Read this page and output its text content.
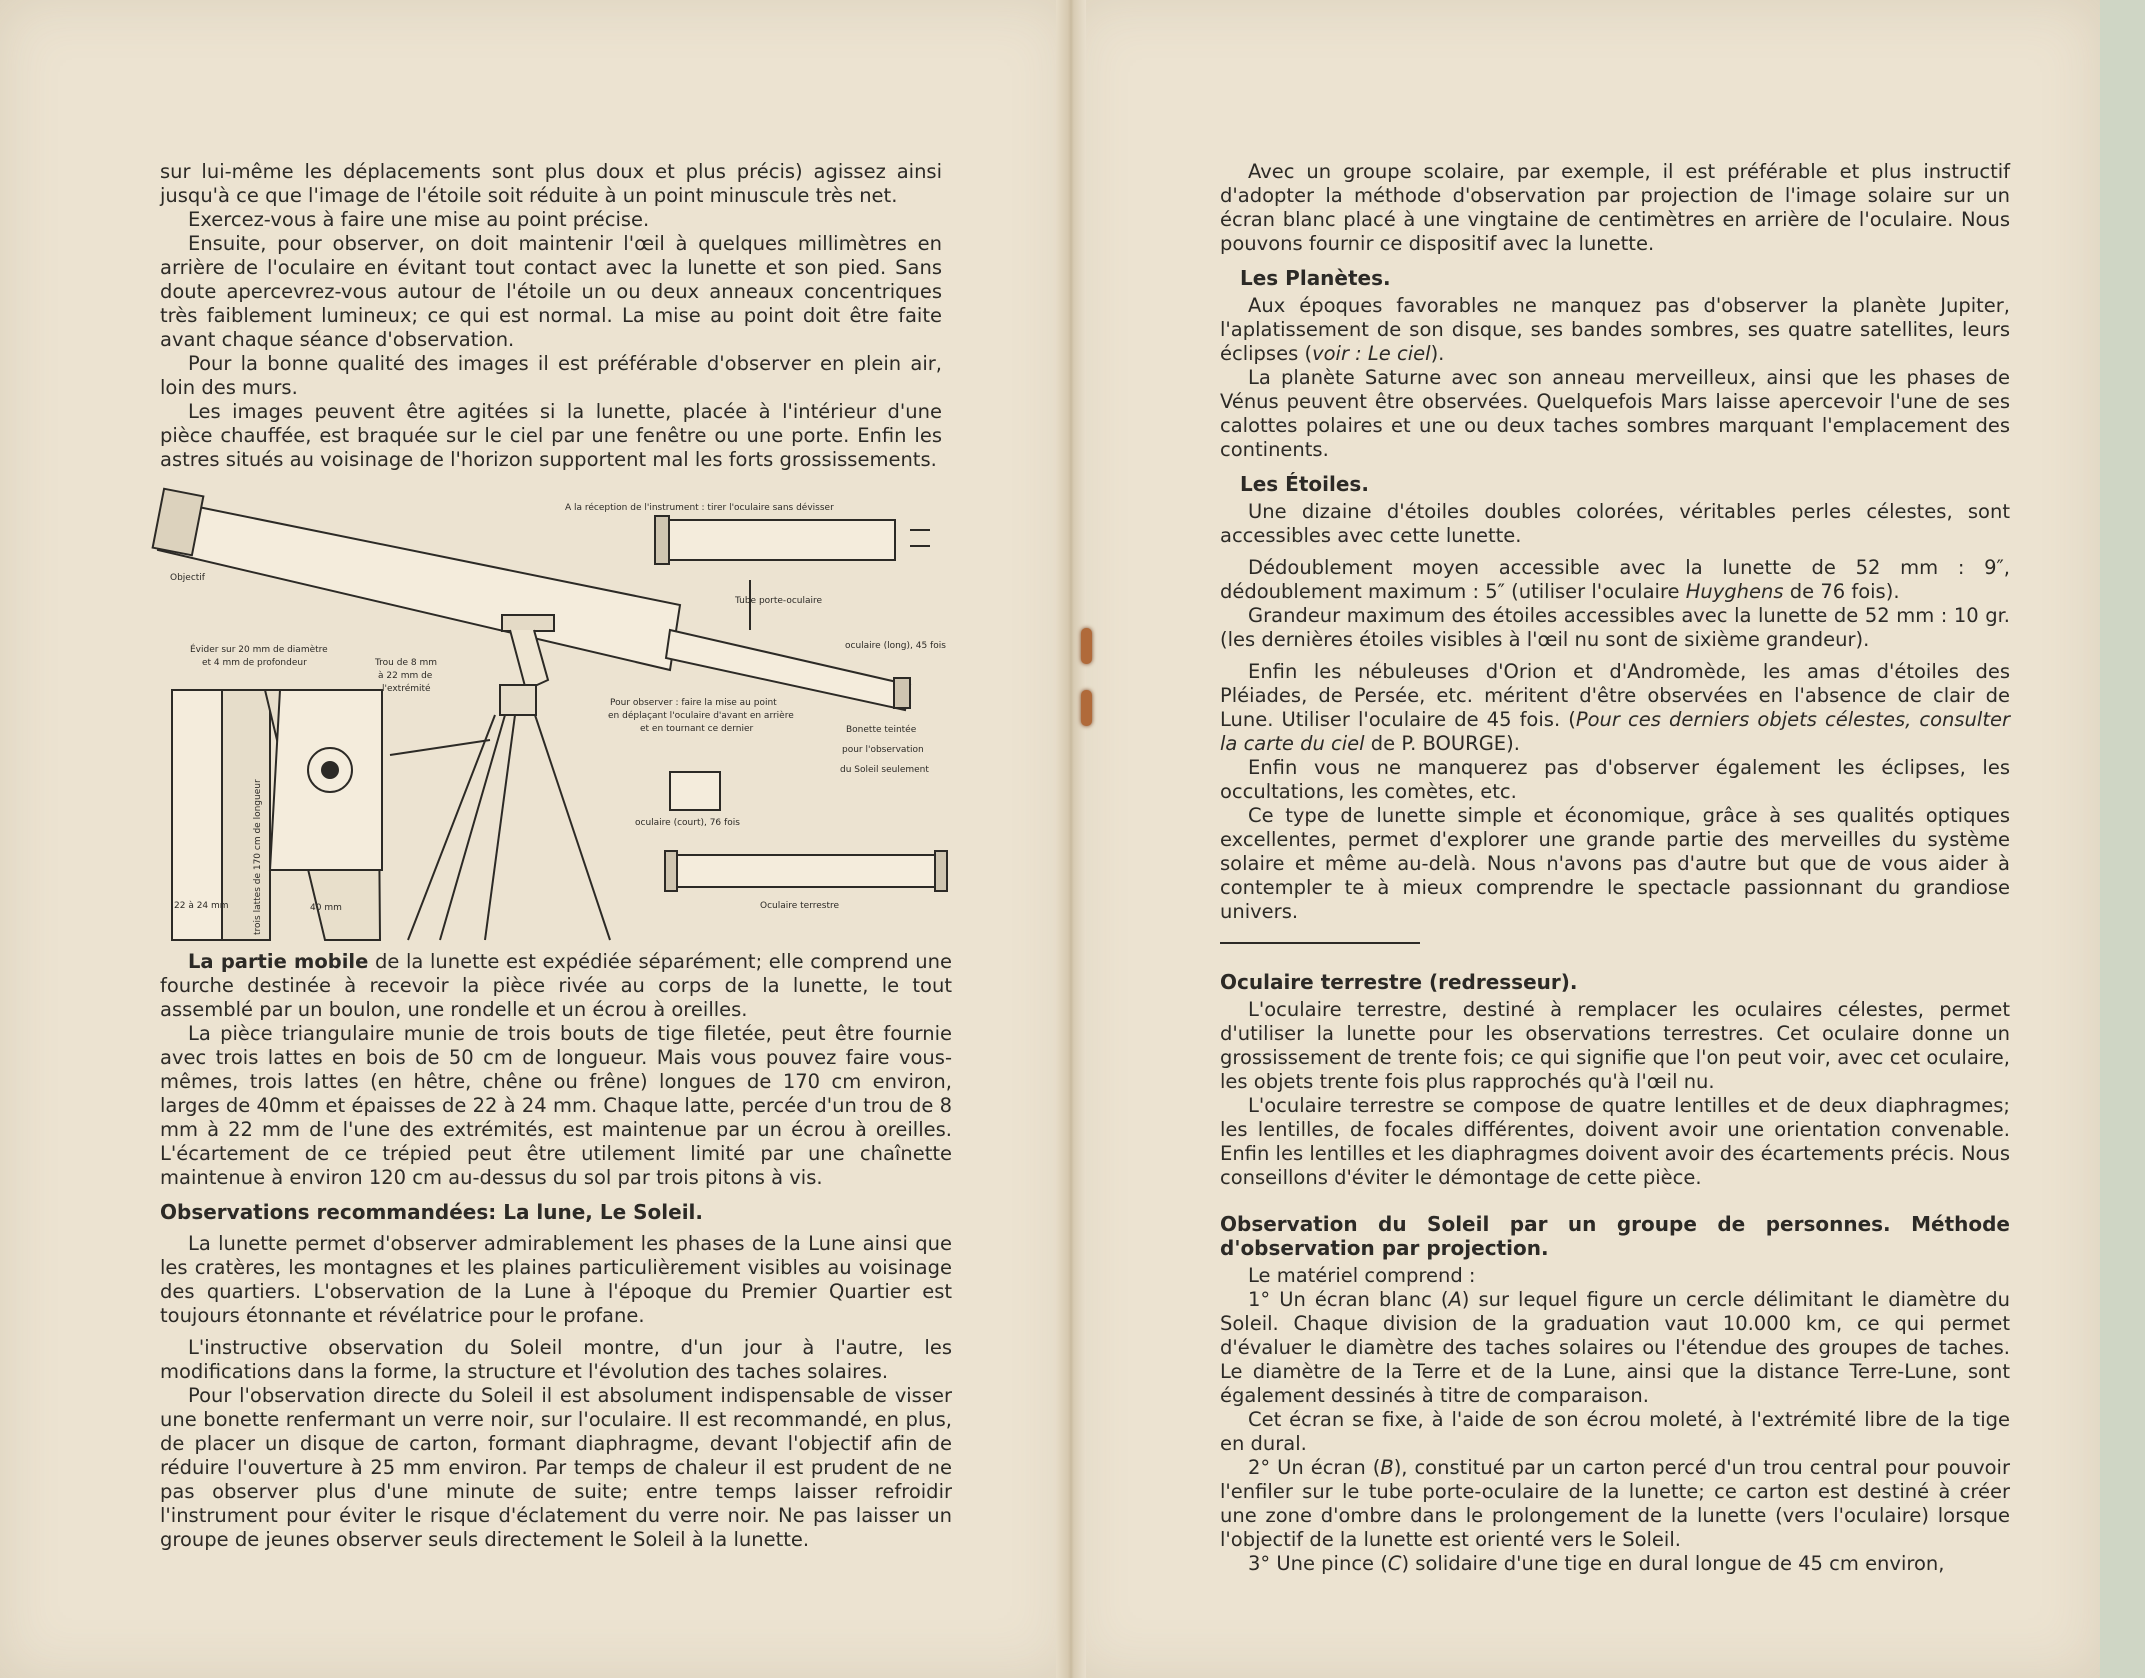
sur lui-même les déplacements sont plus doux et plus précis) agissez ainsi jusqu'à ce que l'image de l'étoile soit réduite à un point minuscule très net.

Exercez-vous à faire une mise au point précise.

Ensuite, pour observer, on doit maintenir l'œil à quelques millimètres en arrière de l'oculaire en évitant tout contact avec la lunette et son pied. Sans doute apercevrez-vous autour de l'étoile un ou deux anneaux concentriques très faiblement lumineux; ce qui est normal. La mise au point doit être faite avant chaque séance d'observation.

Pour la bonne qualité des images il est préférable d'observer en plein air, loin des murs.

Les images peuvent être agitées si la lunette, placée à l'intérieur d'une pièce chauffée, est braquée sur le ciel par une fenêtre ou une porte. Enfin les astres situés au voisinage de l'horizon supportent mal les forts grossissements.

Objectif
A la réception de l'instrument : tirer l'oculaire sans dévisser
Tube porte-oculaire
oculaire (long), 45 fois
Évider sur 20 mm de diamètre
et 4 mm de profondeur	Trou de 8 mm
à 22 mm de
l'extrémité
Pour observer : faire la mise au point
en déplaçant l'oculaire d'avant en arrière
et en tournant ce dernier	Bonette teintée
pour l'observation
du Soleil seulement
oculaire (court), 76 fois
Oculaire terrestre
22 à 24 mm	40 mm
trois lattes de 170 cm de longueur

La partie mobile de la lunette est expédiée séparément; elle comprend une fourche destinée à recevoir la pièce rivée au corps de la lunette, le tout assemblé par un boulon, une rondelle et un écrou à oreilles.

La pièce triangulaire munie de trois bouts de tige filetée, peut être fournie avec trois lattes en bois de 50 cm de longueur. Mais vous pouvez faire vous-mêmes, trois lattes (en hêtre, chêne ou frêne) longues de 170 cm environ, larges de 40mm et épaisses de 22 à 24 mm. Chaque latte, percée d'un trou de 8 mm à 22 mm de l'une des extrémités, est maintenue par un écrou à oreilles. L'écartement de ce trépied peut être utilement limité par une chaînette maintenue à environ 120 cm au-dessus du sol par trois pitons à vis.

Observations recommandées: La lune, Le Soleil.

La lunette permet d'observer admirablement les phases de la Lune ainsi que les cratères, les montagnes et les plaines particulièrement visibles au voisinage des quartiers. L'observation de la Lune à l'époque du Premier Quartier est toujours étonnante et révélatrice pour le profane.

L'instructive observation du Soleil montre, d'un jour à l'autre, les modifications dans la forme, la structure et l'évolution des taches solaires.

Pour l'observation directe du Soleil il est absolument indispensable de visser une bonette renfermant un verre noir, sur l'oculaire. Il est recommandé, en plus, de placer un disque de carton, formant diaphragme, devant l'objectif afin de réduire l'ouverture à 25 mm environ. Par temps de chaleur il est prudent de ne pas observer plus d'une minute de suite; entre temps laisser refroidir l'instrument pour éviter le risque d'éclatement du verre noir. Ne pas laisser un groupe de jeunes observer seuls directement le Soleil à la lunette.

Avec un groupe scolaire, par exemple, il est préférable et plus instructif d'adopter la méthode d'observation par projection de l'image solaire sur un écran blanc placé à une vingtaine de centimètres en arrière de l'oculaire. Nous pouvons fournir ce dispositif avec la lunette.

Les Planètes.

Aux époques favorables ne manquez pas d'observer la planète Jupiter, l'aplatissement de son disque, ses bandes sombres, ses quatre satellites, leurs éclipses (voir : Le ciel).

La planète Saturne avec son anneau merveilleux, ainsi que les phases de Vénus peuvent être observées. Quelquefois Mars laisse apercevoir l'une de ses calottes polaires et une ou deux taches sombres marquant l'emplacement des continents.

Les Étoiles.

Une dizaine d'étoiles doubles colorées, véritables perles célestes, sont accessibles avec cette lunette.

Dédoublement moyen accessible avec la lunette de 52 mm : 9″, dédoublement maximum : 5″ (utiliser l'oculaire Huyghens de 76 fois).

Grandeur maximum des étoiles accessibles avec la lunette de 52 mm : 10 gr. (les dernières étoiles visibles à l'œil nu sont de sixième grandeur).

Enfin les nébuleuses d'Orion et d'Andromède, les amas d'étoiles des Pléiades, de Persée, etc. méritent d'être observées en l'absence de clair de Lune. Utiliser l'oculaire de 45 fois. (Pour ces derniers objets célestes, consulter la carte du ciel de P. BOURGE).

Enfin vous ne manquerez pas d'observer également les éclipses, les occultations, les comètes, etc.

Ce type de lunette simple et économique, grâce à ses qualités optiques excellentes, permet d'explorer une grande partie des merveilles du système solaire et même au-delà. Nous n'avons pas d'autre but que de vous aider à contempler te à mieux comprendre le spectacle passionnant du grandiose univers.

Oculaire terrestre (redresseur).

L'oculaire terrestre, destiné à remplacer les oculaires célestes, permet d'utiliser la lunette pour les observations terrestres. Cet oculaire donne un grossissement de trente fois; ce qui signifie que l'on peut voir, avec cet oculaire, les objets trente fois plus rapprochés qu'à l'œil nu.

L'oculaire terrestre se compose de quatre lentilles et de deux diaphragmes; les lentilles, de focales différentes, doivent avoir une orientation convenable. Enfin les lentilles et les diaphragmes doivent avoir des écartements précis. Nous conseillons d'éviter le démontage de cette pièce.

Observation du Soleil par un groupe de personnes. Méthode d'observation par projection.

Le matériel comprend :

1° Un écran blanc (A) sur lequel figure un cercle délimitant le diamètre du Soleil. Chaque division de la graduation vaut 10.000 km, ce qui permet d'évaluer le diamètre des taches solaires ou l'étendue des groupes de taches. Le diamètre de la Terre et de la Lune, ainsi que la distance Terre-Lune, sont également dessinés à titre de comparaison.

Cet écran se fixe, à l'aide de son écrou moleté, à l'extrémité libre de la tige en dural.

2° Un écran (B), constitué par un carton percé d'un trou central pour pouvoir l'enfiler sur le tube porte-oculaire de la lunette; ce carton est destiné à créer une zone d'ombre dans le prolongement de la lunette (vers l'oculaire) lorsque l'objectif de la lunette est orienté vers le Soleil.

3° Une pince (C) solidaire d'une tige en dural longue de 45 cm environ,
